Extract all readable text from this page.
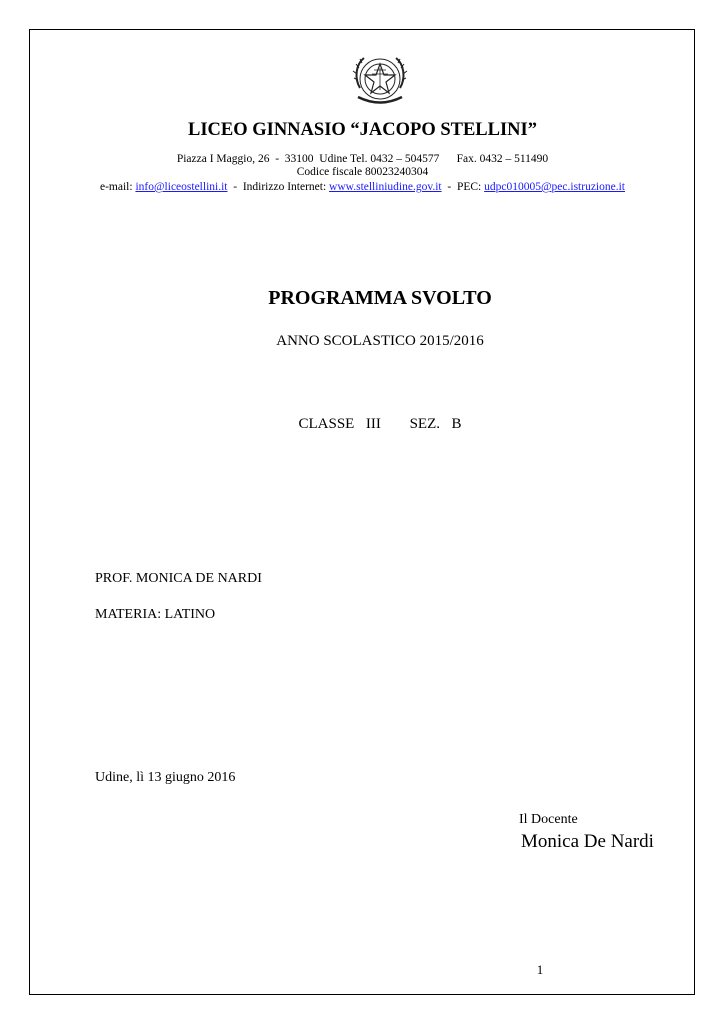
LICEO GINNASIO “JACOPO STELLINI”
Piazza I Maggio, 26  -  33100  Udine Tel. 0432 – 504577      Fax. 0432 – 511490
Codice fiscale 80023240304
e-mail: info@liceostellini.it - Indirizzo Internet: www.stelliniudine.gov.it - PEC: udpc010005@pec.istruzione.it
PROGRAMMA SVOLTO
ANNO SCOLASTICO 2015/2016
CLASSE  III     SEZ.  B
PROF. MONICA DE NARDI
MATERIA: LATINO
Udine, lì 13 giugno 2016
Il Docente
Monica De Nardi
1
